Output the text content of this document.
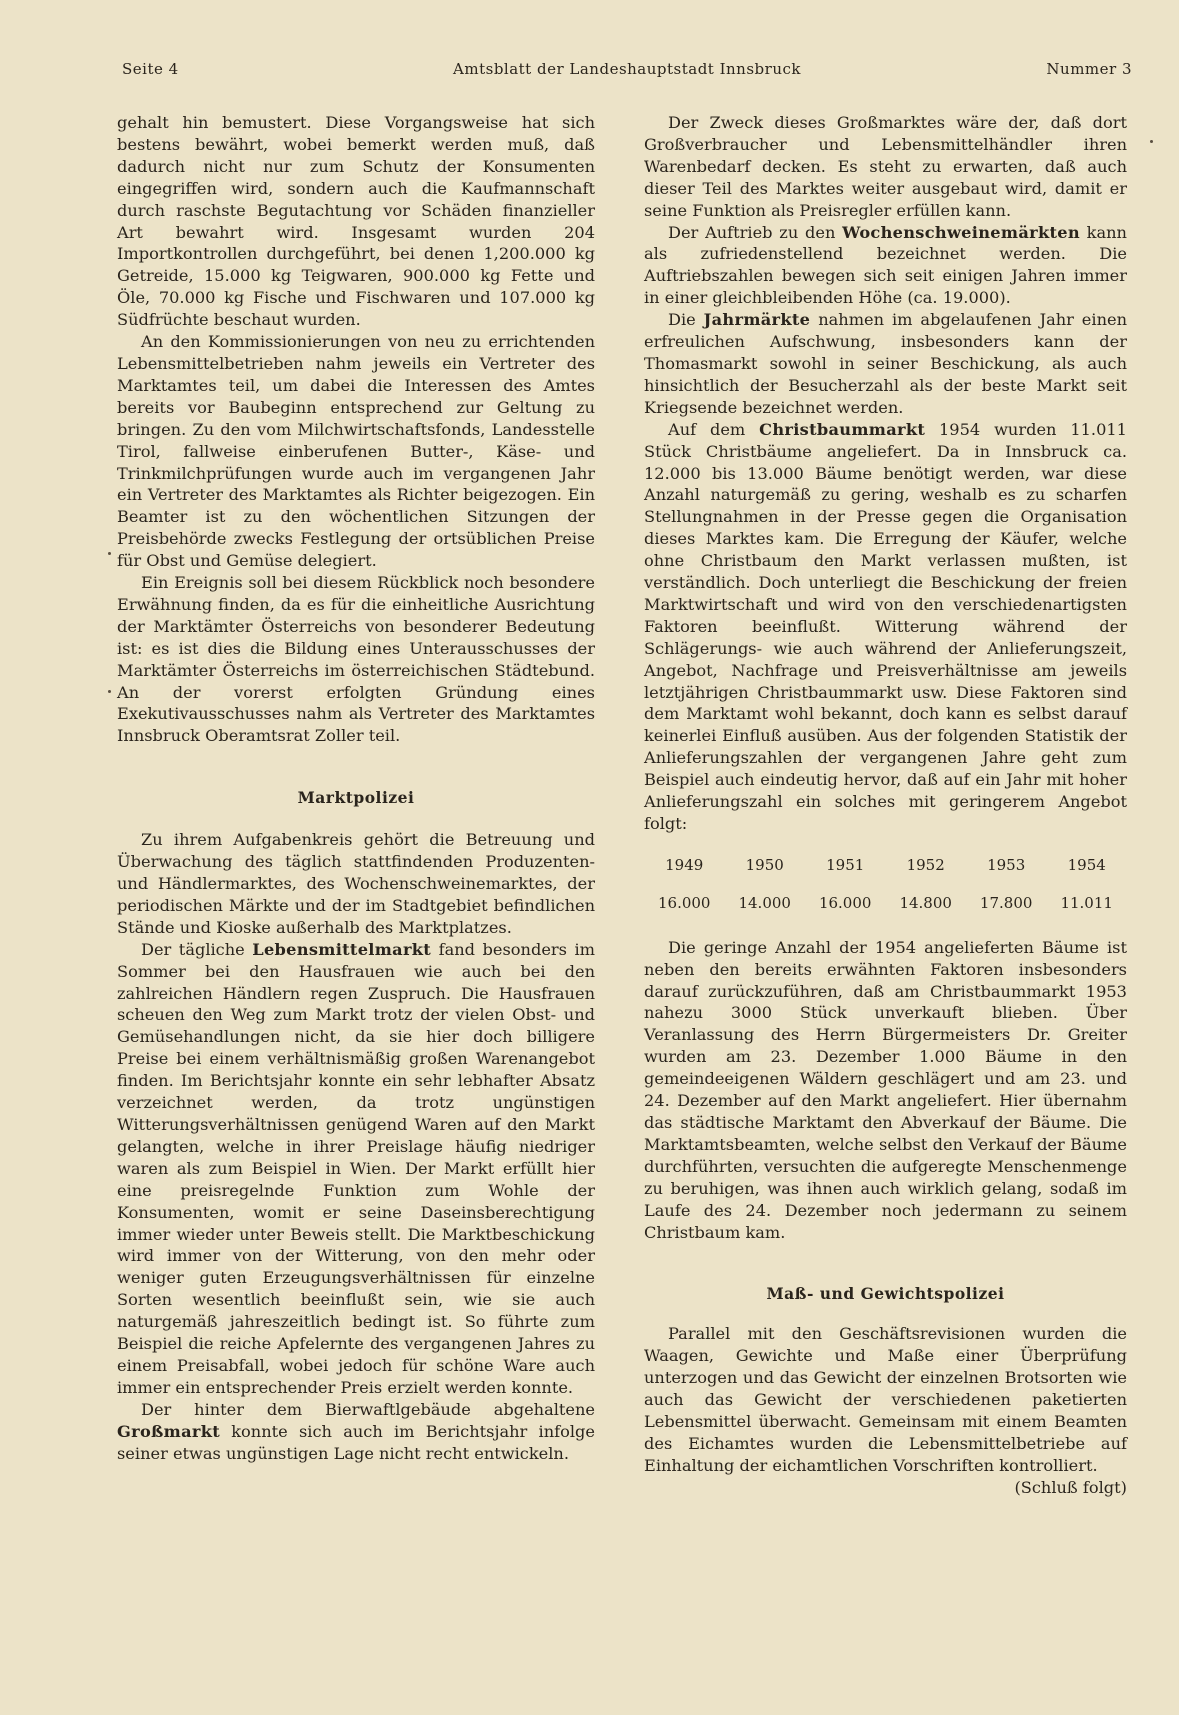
Seite 4	Amtsblatt der Landeshauptstadt Innsbruck	Nummer 3

gehalt hin bemustert. Diese Vorgangsweise hat sich bestens bewährt, wobei bemerkt werden muß, daß dadurch nicht nur zum Schutz der Konsumenten eingegriffen wird, sondern auch die Kaufmannschaft durch raschste Begutachtung vor Schäden finanzieller Art bewahrt wird. Insgesamt wurden 204 Importkontrollen durchgeführt, bei denen 1,200.000 kg Getreide, 15.000 kg Teigwaren, 900.000 kg Fette und Öle, 70.000 kg Fische und Fischwaren und 107.000 kg Südfrüchte beschaut wurden.

An den Kommissionierungen von neu zu errichtenden Lebensmittelbetrieben nahm jeweils ein Vertreter des Marktamtes teil, um dabei die Interessen des Amtes bereits vor Baubeginn entsprechend zur Geltung zu bringen. Zu den vom Milchwirtschaftsfonds, Landesstelle Tirol, fallweise einberufenen Butter-, Käse- und Trinkmilchprüfungen wurde auch im vergangenen Jahr ein Vertreter des Marktamtes als Richter beigezogen. Ein Beamter ist zu den wöchentlichen Sitzungen der Preisbehörde zwecks Festlegung der ortsüblichen Preise für Obst und Gemüse delegiert.

Ein Ereignis soll bei diesem Rückblick noch besondere Erwähnung finden, da es für die einheitliche Ausrichtung der Marktämter Österreichs von besonderer Bedeutung ist: es ist dies die Bildung eines Unterausschusses der Marktämter Österreichs im österreichischen Städtebund. An der vorerst erfolgten Gründung eines Exekutivausschusses nahm als Vertreter des Marktamtes Innsbruck Oberamtsrat Zoller teil.

Marktpolizei

Zu ihrem Aufgabenkreis gehört die Betreuung und Überwachung des täglich stattfindenden Produzenten- und Händlermarktes, des Wochenschweinemarktes, der periodischen Märkte und der im Stadtgebiet befindlichen Stände und Kioske außerhalb des Marktplatzes.

Der tägliche Lebensmittelmarkt fand besonders im Sommer bei den Hausfrauen wie auch bei den zahlreichen Händlern regen Zuspruch. Die Hausfrauen scheuen den Weg zum Markt trotz der vielen Obst- und Gemüsehandlungen nicht, da sie hier doch billigere Preise bei einem verhältnismäßig großen Warenangebot finden. Im Berichtsjahr konnte ein sehr lebhafter Absatz verzeichnet werden, da trotz ungünstigen Witterungsverhältnissen genügend Waren auf den Markt gelangten, welche in ihrer Preislage häufig niedriger waren als zum Beispiel in Wien. Der Markt erfüllt hier eine preisregelnde Funktion zum Wohle der Konsumenten, womit er seine Daseinsberechtigung immer wieder unter Beweis stellt. Die Marktbeschickung wird immer von der Witterung, von den mehr oder weniger guten Erzeugungsverhältnissen für einzelne Sorten wesentlich beeinflußt sein, wie sie auch naturgemäß jahreszeitlich bedingt ist. So führte zum Beispiel die reiche Apfelernte des vergangenen Jahres zu einem Preisabfall, wobei jedoch für schöne Ware auch immer ein entsprechender Preis erzielt werden konnte.

Der hinter dem Bierwaftlgebäude abgehaltene Großmarkt konnte sich auch im Berichtsjahr infolge seiner etwas ungünstigen Lage nicht recht entwickeln.

Der Zweck dieses Großmarktes wäre der, daß dort Großverbraucher und Lebensmittelhändler ihren Warenbedarf decken. Es steht zu erwarten, daß auch dieser Teil des Marktes weiter ausgebaut wird, damit er seine Funktion als Preisregler erfüllen kann.

Der Auftrieb zu den Wochenschweinemärkten kann als zufriedenstellend bezeichnet werden. Die Auftriebszahlen bewegen sich seit einigen Jahren immer in einer gleichbleibenden Höhe (ca. 19.000).

Die Jahrmärkte nahmen im abgelaufenen Jahr einen erfreulichen Aufschwung, insbesonders kann der Thomasmarkt sowohl in seiner Beschickung, als auch hinsichtlich der Besucherzahl als der beste Markt seit Kriegsende bezeichnet werden.

Auf dem Christbaummarkt 1954 wurden 11.011 Stück Christbäume angeliefert. Da in Innsbruck ca. 12.000 bis 13.000 Bäume benötigt werden, war diese Anzahl naturgemäß zu gering, weshalb es zu scharfen Stellungnahmen in der Presse gegen die Organisation dieses Marktes kam. Die Erregung der Käufer, welche ohne Christbaum den Markt verlassen mußten, ist verständlich. Doch unterliegt die Beschickung der freien Marktwirtschaft und wird von den verschiedenartigsten Faktoren beeinflußt. Witterung während der Schlägerungs- wie auch während der Anlieferungszeit, Angebot, Nachfrage und Preisverhältnisse am jeweils letztjährigen Christbaummarkt usw. Diese Faktoren sind dem Marktamt wohl bekannt, doch kann es selbst darauf keinerlei Einfluß ausüben. Aus der folgenden Statistik der Anlieferungszahlen der vergangenen Jahre geht zum Beispiel auch eindeutig hervor, daß auf ein Jahr mit hoher Anlieferungszahl ein solches mit geringerem Angebot folgt:

1949	1950	1951	1952	1953	1954
16.000	14.000	16.000	14.800	17.800	11.011

Die geringe Anzahl der 1954 angelieferten Bäume ist neben den bereits erwähnten Faktoren insbesonders darauf zurückzuführen, daß am Christbaummarkt 1953 nahezu 3000 Stück unverkauft blieben. Über Veranlassung des Herrn Bürgermeisters Dr. Greiter wurden am 23. Dezember 1.000 Bäume in den gemeindeeigenen Wäldern geschlägert und am 23. und 24. Dezember auf den Markt angeliefert. Hier übernahm das städtische Marktamt den Abverkauf der Bäume. Die Marktamtsbeamten, welche selbst den Verkauf der Bäume durchführten, versuchten die aufgeregte Menschenmenge zu beruhigen, was ihnen auch wirklich gelang, sodaß im Laufe des 24. Dezember noch jedermann zu seinem Christbaum kam.

Maß- und Gewichtspolizei

Parallel mit den Geschäftsrevisionen wurden die Waagen, Gewichte und Maße einer Überprüfung unterzogen und das Gewicht der einzelnen Brotsorten wie auch das Gewicht der verschiedenen paketierten Lebensmittel überwacht. Gemeinsam mit einem Beamten des Eichamtes wurden die Lebensmittelbetriebe auf Einhaltung der eichamtlichen Vorschriften kontrolliert.

(Schluß folgt)
